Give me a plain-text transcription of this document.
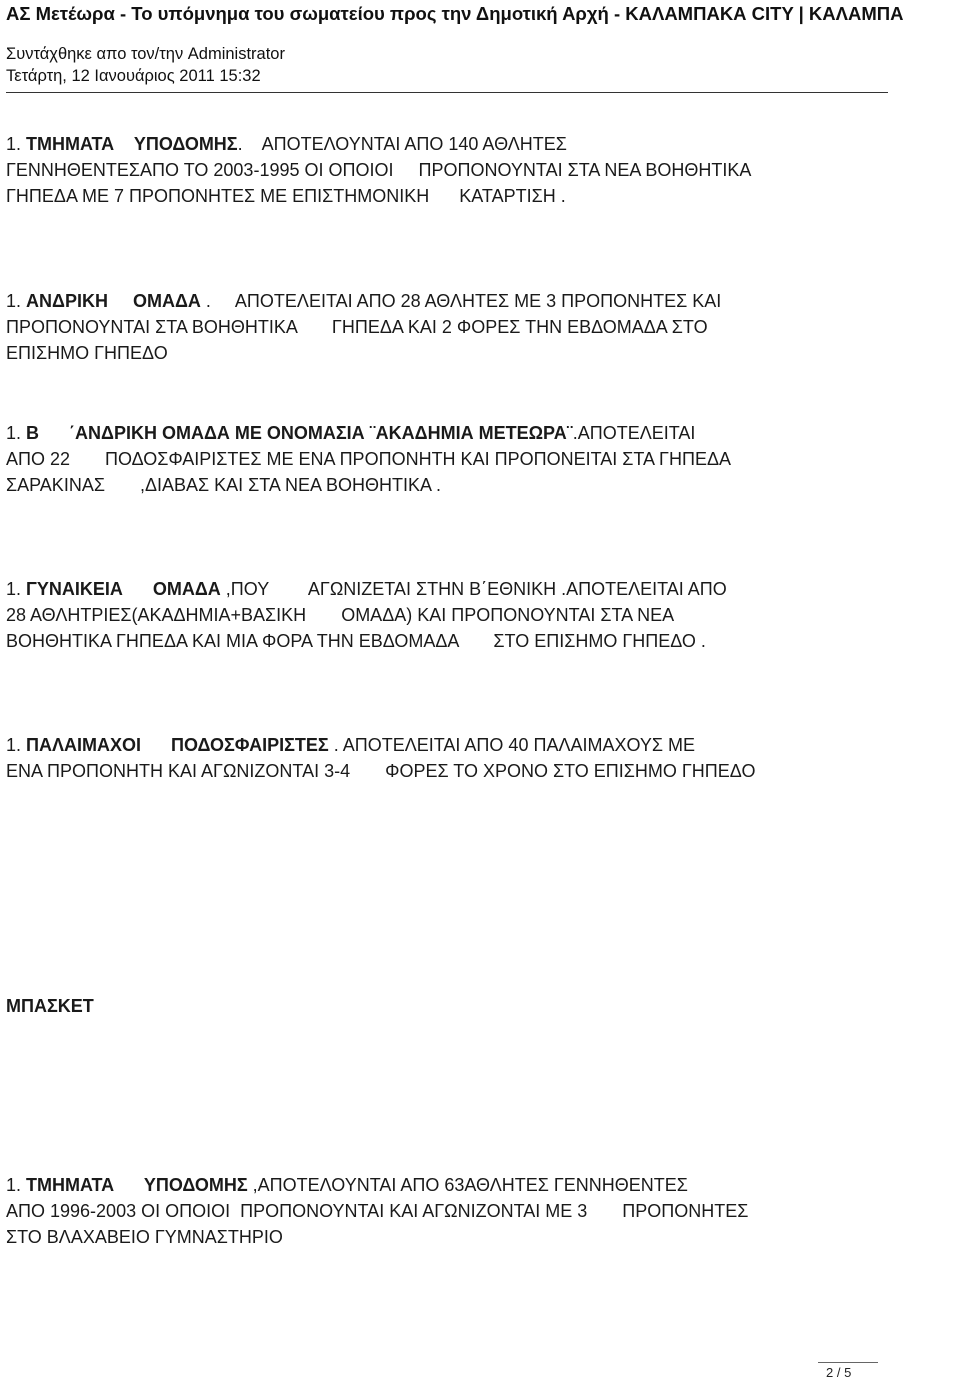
ΑΣ Μετέωρα - Το υπόμνημα του σωματείου προς την Δημοτική Αρχή - ΚΑΛΑΜΠΑΚΑ CITY | ΚΑΛΑΜΠΑ
Συντάχθηκε απο τον/την Administrator
Τετάρτη, 12 Ιανουάριος 2011 15:32

1. ΤΜΗΜΑΤΑ    ΥΠΟΔΟΜΗΣ.    ΑΠΟΤΕΛΟΥΝΤΑΙ ΑΠΟ 140 ΑΘΛΗΤΕΣ

ΓΕΝΝΗΘΕΝΤΕΣΑΠΟ ΤΟ 2003-1995 ΟΙ ΟΠΟΙΟΙ     ΠΡΟΠΟΝΟΥΝΤΑΙ ΣΤΑ ΝΕΑ ΒΟΗΘΗΤΙΚΑ

ΓΗΠΕΔΑ ΜΕ 7 ΠΡΟΠΟΝΗΤΕΣ ΜΕ ΕΠΙΣΤΗΜΟΝΙΚΗ      ΚΑΤΑΡΤΙΣΗ .

1. ΑΝΔΡΙΚΗ     ΟΜΑΔΑ .     ΑΠΟΤΕΛΕΙΤΑΙ ΑΠΟ 28 ΑΘΛΗΤΕΣ ΜΕ 3 ΠΡΟΠΟΝΗΤΕΣ ΚΑΙ

ΠΡΟΠΟΝΟΥΝΤΑΙ ΣΤΑ ΒΟΗΘΗΤΙΚΑ       ΓΗΠΕΔΑ ΚΑΙ 2 ΦΟΡΕΣ ΤΗΝ ΕΒΔΟΜΑΔΑ ΣΤΟ

ΕΠΙΣΗΜΟ ΓΗΠΕΔΟ

1. Β      ΄ΑΝΔΡΙΚΗ ΟΜΑΔΑ ΜΕ ΟΝΟΜΑΣΙΑ ¨ΑΚΑΔΗΜΙΑ ΜΕΤΕΩΡΑ¨.ΑΠΟΤΕΛΕΙΤΑΙ

ΑΠΟ 22       ΠΟΔΟΣΦΑΙΡΙΣΤΕΣ ΜΕ ΕΝΑ ΠΡΟΠΟΝΗΤΗ ΚΑΙ ΠΡΟΠΟΝΕΙΤΑΙ ΣΤΑ ΓΗΠΕΔΑ

ΣΑΡΑΚΙΝΑΣ       ,ΔΙΑΒΑΣ ΚΑΙ ΣΤΑ ΝΕΑ ΒΟΗΘΗΤΙΚΑ .

1. ΓΥΝΑΙΚΕΙΑ      ΟΜΑΔΑ ,ΠΟΥ        ΑΓΩΝΙΖΕΤΑΙ ΣΤΗΝ Β΄ΕΘΝΙΚΗ .ΑΠΟΤΕΛΕΙΤΑΙ ΑΠΟ

28 ΑΘΛΗΤΡΙΕΣ(ΑΚΑΔΗΜΙΑ+ΒΑΣΙΚΗ       ΟΜΑΔΑ) ΚΑΙ ΠΡΟΠΟΝΟΥΝΤΑΙ ΣΤΑ ΝΕΑ

ΒΟΗΘΗΤΙΚΑ ΓΗΠΕΔΑ ΚΑΙ ΜΙΑ ΦΟΡΑ ΤΗΝ ΕΒΔΟΜΑΔΑ       ΣΤΟ ΕΠΙΣΗΜΟ ΓΗΠΕΔΟ .

1. ΠΑΛΑΙΜΑΧΟΙ      ΠΟΔΟΣΦΑΙΡΙΣΤΕΣ . ΑΠΟΤΕΛΕΙΤΑΙ ΑΠΟ 40 ΠΑΛΑΙΜΑΧΟΥΣ ΜΕ

ΕΝΑ ΠΡΟΠΟΝΗΤΗ ΚΑΙ ΑΓΩΝΙΖΟΝΤΑΙ 3-4       ΦΟΡΕΣ ΤΟ ΧΡΟΝΟ ΣΤΟ ΕΠΙΣΗΜΟ ΓΗΠΕΔΟ

ΜΠΑΣΚΕΤ

1. ΤΜΗΜΑΤΑ      ΥΠΟΔΟΜΗΣ ,ΑΠΟΤΕΛΟΥΝΤΑΙ ΑΠΟ 63ΑΘΛΗΤΕΣ ΓΕΝΝΗΘΕΝΤΕΣ

ΑΠΟ 1996-2003 ΟΙ ΟΠΟΙΟΙ  ΠΡΟΠΟΝΟΥΝΤΑΙ ΚΑΙ ΑΓΩΝΙΖΟΝΤΑΙ ΜΕ 3       ΠΡΟΠΟΝΗΤΕΣ

ΣΤΟ ΒΛΑΧΑΒΕΙΟ ΓΥΜΝΑΣΤΗΡΙΟ

2 / 5
